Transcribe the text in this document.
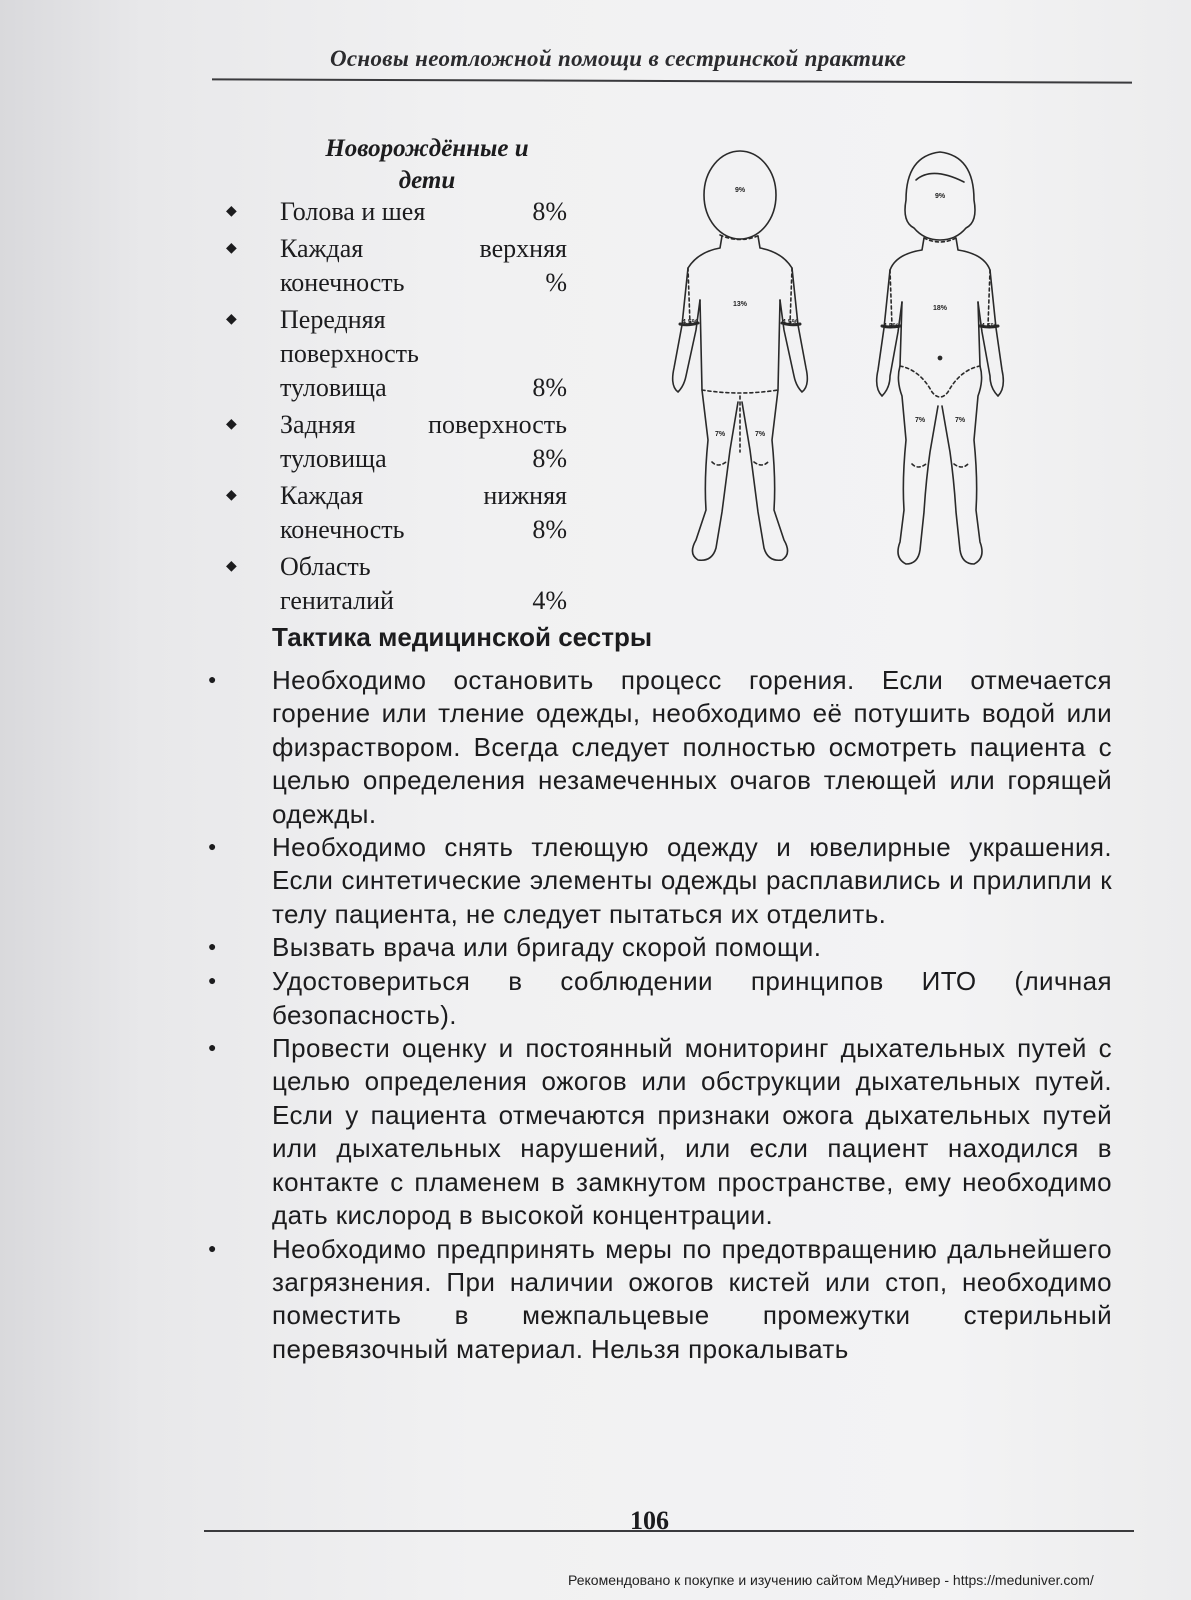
Основы неотложной помощи в сестринской практике
Новорождённые и дети
◆	Голова и шея	8%
◆	Каждая верхняя
конечность	%
◆	Передняя
поверхность
туловища	8%
◆	Задняя поверхность
туловища	8%
◆	Каждая нижняя
конечность	8%
◆	Область
гениталий	4%
9%
13%
4.5%	4.5%
7%	7%
9%
18%
4.5%	4.5%
7%	7%
Тактика медицинской сестры
●	Необходимо остановить процесс горения. Если отмечается горение или тление одежды, необходимо её потушить водой или физраствором. Всегда следует полностью осмотреть пациента с целью определения незамеченных очагов тлеющей или горящей одежды.
●	Необходимо снять тлеющую одежду и ювелирные украшения. Если синтетические элементы одежды расплавились и прилипли к телу пациента, не следует пытаться их отделить.
●	Вызвать врача или бригаду скорой помощи.
●	Удостовериться в соблюдении принципов ИТО (личная безопасность).
●	Провести оценку и постоянный мониторинг дыхательных путей с целью определения ожогов или обструкции дыхательных путей. Если у пациента отмечаются признаки ожога дыхательных путей или дыхательных нарушений, или если пациент находился в контакте с пламенем в замкнутом пространстве, ему необходимо дать кислород в высокой концентрации.
●	Необходимо предпринять меры по предотвращению дальнейшего загрязнения. При наличии ожогов кистей или стоп, необходимо поместить в межпальцевые промежутки стерильный перевязочный материал. Нельзя прокалывать
106
Рекомендовано к покупке и изучению сайтом МедУнивер - https://meduniver.com/
